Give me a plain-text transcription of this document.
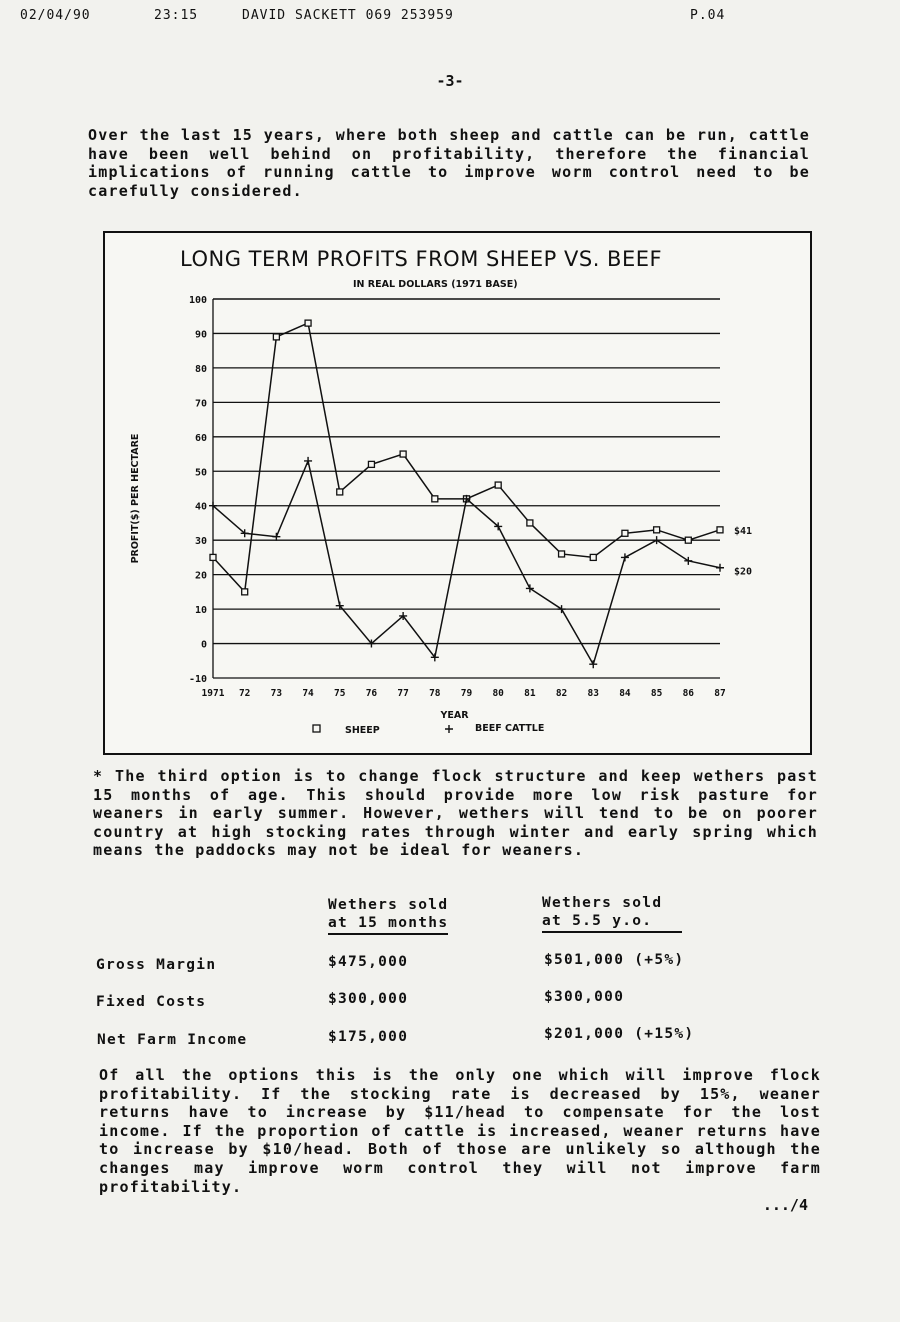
02/04/90	23:15	DAVID SACKETT 069 253959	P.04
-3-
Over the last 15 years, where both sheep and cattle can be run, cattle have been well behind on profitability, therefore the financial implications of running cattle to improve worm control need to be carefully considered.
LONG TERM PROFITS FROM SHEEP VS. BEEF
IN REAL DOLLARS (1971 BASE)
100
90
80
70
60
50
40
30
20
10
0
-10
1971 72 73 74 75 76 77 78 79 80 81 82 83 84 85 86 87
PROFIT($) PER HECTARE
YEAR
$41
$20
SHEEP	BEEF CATTLE
* The third option is to change flock structure and keep wethers past 15 months of age. This should provide more low risk pasture for weaners in early summer. However, wethers will tend to be on poorer country at high stocking rates through winter and early spring which means the paddocks may not be ideal for weaners.
Wethers sold
at 15 months
Wethers sold
at 5.5 y.o.
Gross Margin	$475,000	$501,000 (+5%)
Fixed Costs	$300,000	$300,000
Net Farm Income	$175,000	$201,000 (+15%)
Of all the options this is the only one which will improve flock profitability. If the stocking rate is decreased by 15%, weaner returns have to increase by $11/head to compensate for the lost income. If the proportion of cattle is increased, weaner returns have to increase by $10/head. Both of those are unlikely so although the changes may improve worm control they will not improve farm profitability.
.../4
